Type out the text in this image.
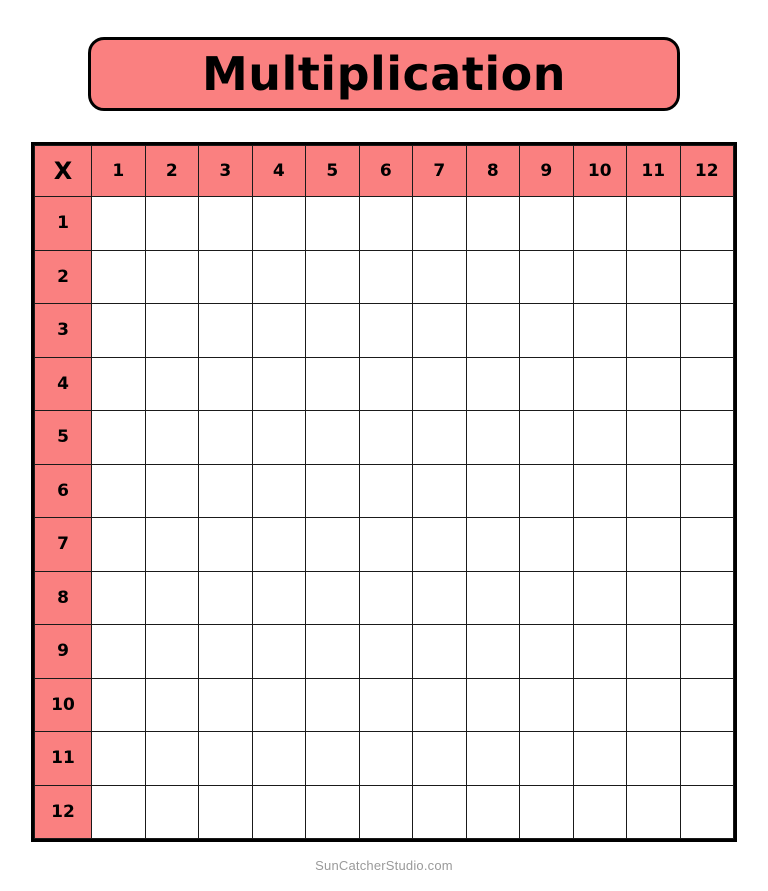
Multiplication
X	1	2	3	4	5	6	7	8	9	10	11	12
1												
2												
3												
4												
5												
6												
7												
8												
9												
10												
11												
12												
SunCatcherStudio.com
